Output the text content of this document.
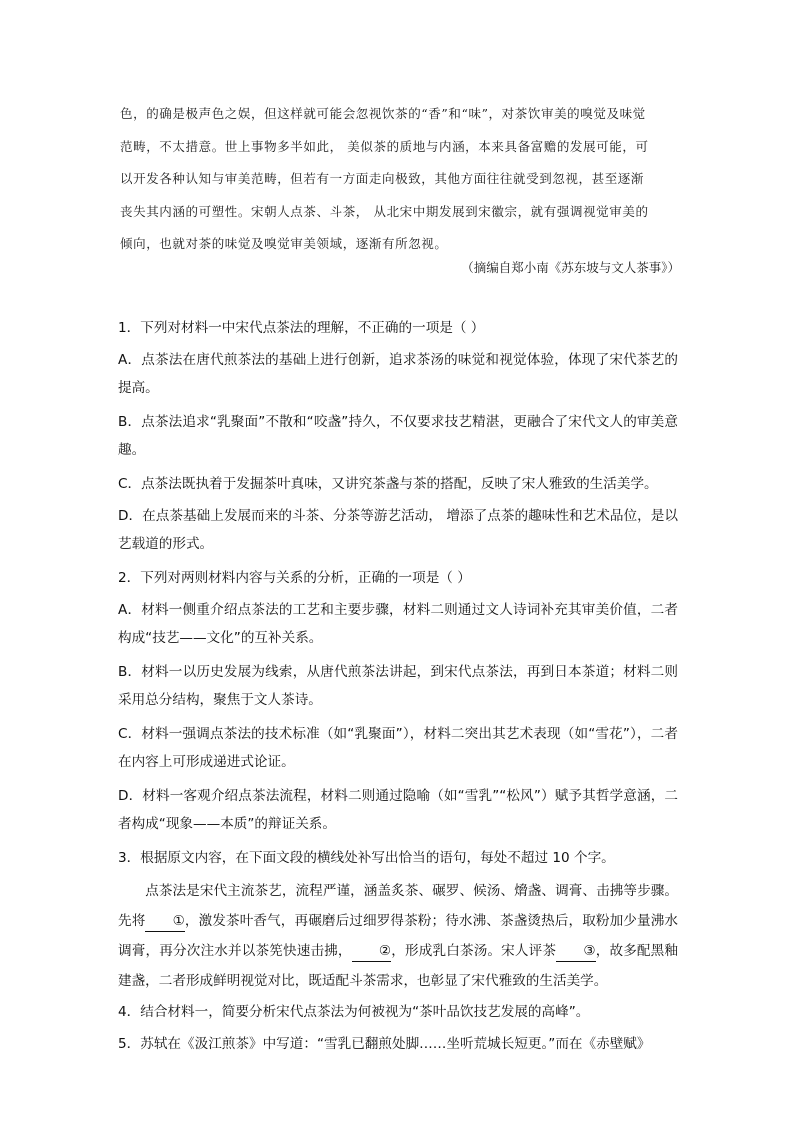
色，的确是极声色之娱，但这样就可能会忽视饮茶的“香”和“味”，对茶饮审美的嗅觉及味觉

范畴，不太措意。世上事物多半如此， 美似茶的质地与内涵，本来具备富赡的发展可能，可

以开发各种认知与审美范畴，但若有一方面走向极致，其他方面往往就受到忽视，甚至逐渐

丧失其内涵的可塑性。宋朝人点茶、斗茶， 从北宋中期发展到宋徽宗，就有强调视觉审美的

倾向，也就对茶的味觉及嗅觉审美领域，逐渐有所忽视。

（摘编自郑小南《苏东坡与文人茶事》）

1．下列对材料一中宋代点茶法的理解，不正确的一项是（ ）

A．点茶法在唐代煎茶法的基础上进行创新，追求茶汤的味觉和视觉体验，体现了宋代茶艺的提高。

B．点茶法追求“乳聚面”不散和“咬盏”持久，不仅要求技艺精湛，更融合了宋代文人的审美意趣。

C．点茶法既执着于发掘茶叶真味，又讲究茶盏与茶的搭配，反映了宋人雅致的生活美学。

D．在点茶基础上发展而来的斗茶、分茶等游艺活动， 增添了点茶的趣味性和艺术品位，是以艺载道的形式。

2．下列对两则材料内容与关系的分析，正确的一项是（ ）

A．材料一侧重介绍点茶法的工艺和主要步骤，材料二则通过文人诗词补充其审美价值，二者构成“技艺——文化”的互补关系。

B．材料一以历史发展为线索，从唐代煎茶法讲起，到宋代点茶法，再到日本茶道；材料二则采用总分结构，聚焦于文人茶诗。

C．材料一强调点茶法的技术标准（如“乳聚面”），材料二突出其艺术表现（如“雪花”），二者在内容上可形成递进式论证。

D．材料一客观介绍点茶法流程，材料二则通过隐喻（如“雪乳”“松风”）赋予其哲学意涵，二者构成“现象——本质”的辩证关系。

3．根据原文内容，在下面文段的横线处补写出恰当的语句，每处不超过 10 个字。

点茶法是宋代主流茶艺，流程严谨，涵盖炙茶、碾罗、候汤、熁盏、调膏、击拂等步骤。先将 ①，激发茶叶香气，再碾磨后过细罗得茶粉；待水沸、茶盏烫热后，取粉加少量沸水调膏，再分次注水并以茶筅快速击拂， ②，形成乳白茶汤。宋人评茶 ③，故多配黑釉建盏，二者形成鲜明视觉对比，既适配斗茶需求，也彰显了宋代雅致的生活美学。

4．结合材料一，简要分析宋代点茶法为何被视为“茶叶品饮技艺发展的高峰”。

5．苏轼在《汲江煎茶》中写道：“雪乳已翻煎处脚……坐听荒城长短更。”而在《赤壁赋》
